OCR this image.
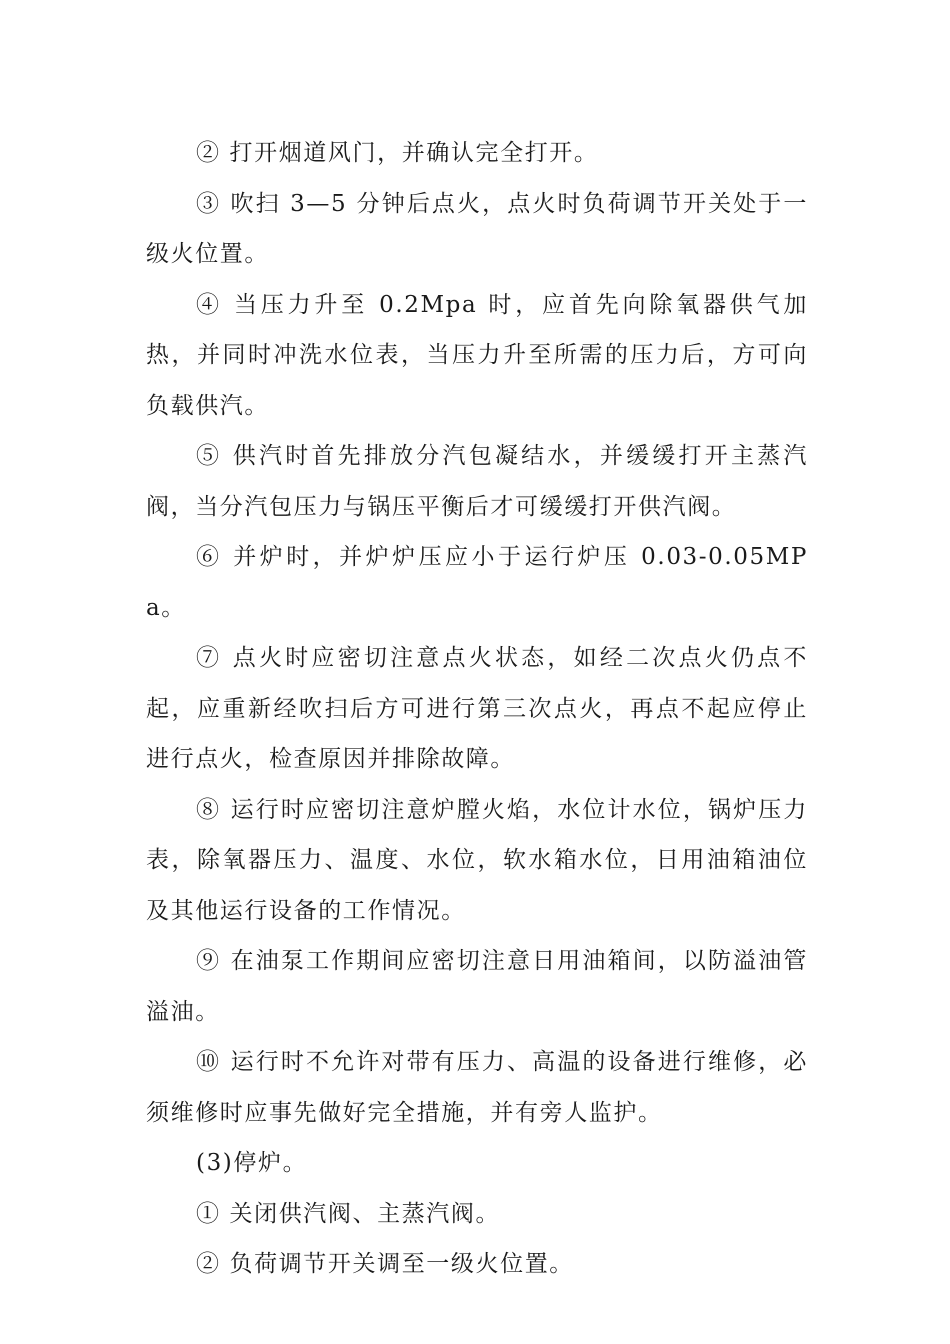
② 打开烟道风门，并确认完全打开。

③ 吹扫 3—5 分钟后点火，点火时负荷调节开关处于一级火位置。

④ 当压力升至 0.2Mpa 时，应首先向除氧器供气加热，并同时冲洗水位表，当压力升至所需的压力后，方可向负载供汽。

⑤ 供汽时首先排放分汽包凝结水，并缓缓打开主蒸汽阀，当分汽包压力与锅压平衡后才可缓缓打开供汽阀。

⑥ 并炉时，并炉炉压应小于运行炉压 0.03-0.05MPa。

⑦ 点火时应密切注意点火状态，如经二次点火仍点不起，应重新经吹扫后方可进行第三次点火，再点不起应停止进行点火，检查原因并排除故障。

⑧ 运行时应密切注意炉膛火焰，水位计水位，锅炉压力表，除氧器压力、温度、水位，软水箱水位，日用油箱油位及其他运行设备的工作情况。

⑨ 在油泵工作期间应密切注意日用油箱间，以防溢油管溢油。

⑩ 运行时不允许对带有压力、高温的设备进行维修，必须维修时应事先做好完全措施，并有旁人监护。

(3)停炉。

① 关闭供汽阀、主蒸汽阀。

② 负荷调节开关调至一级火位置。
